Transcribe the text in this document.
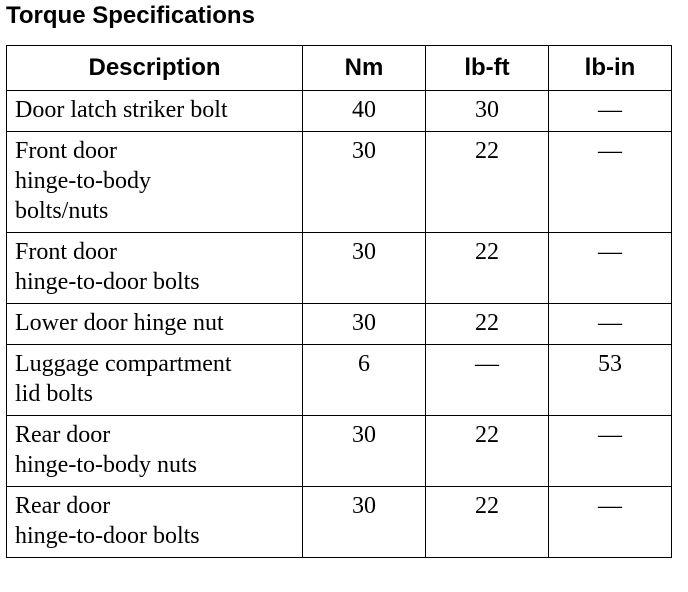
Torque Specifications
Description	Nm	lb-ft	lb-in
Door latch striker bolt	40	30	—
Front door
hinge-to-body
bolts/nuts	30	22	—
Front door
hinge-to-door bolts	30	22	—
Lower door hinge nut	30	22	—
Luggage compartment
lid bolts	6	—	53
Rear door
hinge-to-body nuts	30	22	—
Rear door
hinge-to-door bolts	30	22	—
